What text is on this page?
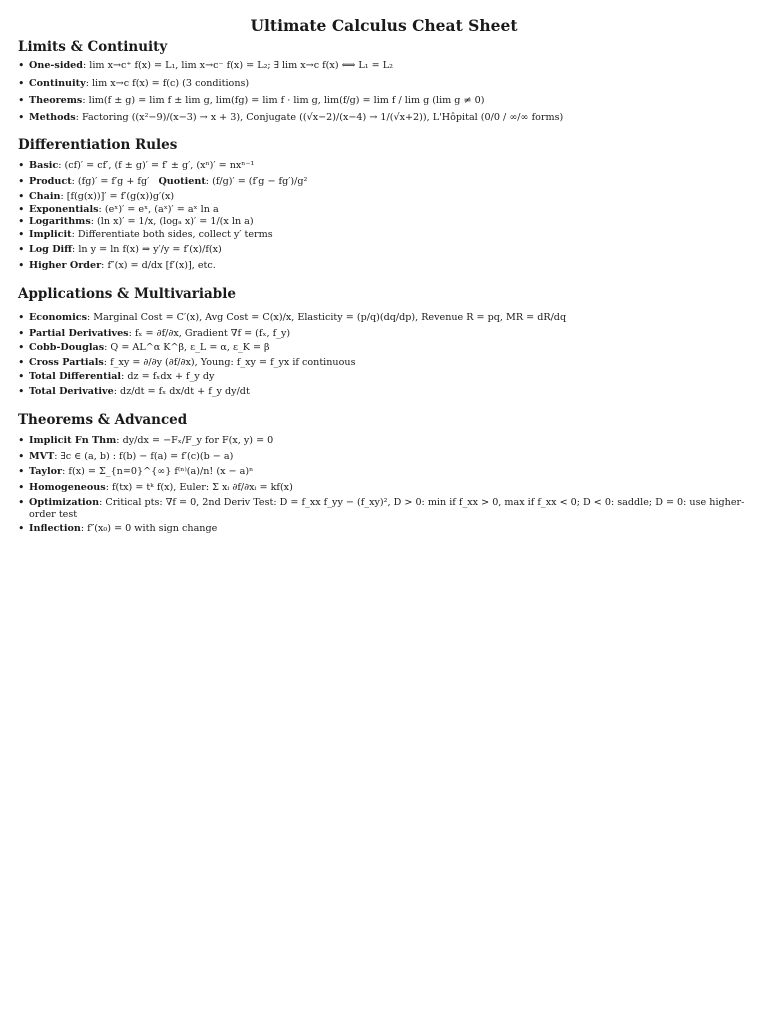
Ultimate Calculus Cheat Sheet
Limits & Continuity
• One-sided: lim x→c⁺ f(x) = L₁, lim x→c⁻ f(x) = L₂; ∃ lim x→c f(x) ⟺ L₁ = L₂
• Continuity: lim x→c f(x) = f(c) (3 conditions)
• Theorems: lim(f ± g) = lim f ± lim g, lim(fg) = lim f · lim g, lim(f/g) = lim f / lim g (lim g ≠ 0)
• Methods: Factoring ((x²−9)/(x−3) → x + 3), Conjugate ((√x−2)/(x−4) → 1/(√x+2)), L'Hôpital (0/0 / ∞/∞ forms)
Differentiation Rules
• Basic: (cf)′ = cf′, (f ± g)′ = f′ ± g′, (xⁿ)′ = nxⁿ⁻¹
• Product: (fg)′ = f′g + fg′ Quotient: (f/g)′ = (f′g − fg′)/g²
• Chain: [f(g(x))]′ = f′(g(x))g′(x)
• Exponentials: (eˣ)′ = eˣ, (aˣ)′ = aˣ ln a
• Logarithms: (ln x)′ = 1/x, (logₐ x)′ = 1/(x ln a)
• Implicit: Differentiate both sides, collect y′ terms
• Log Diff: ln y = ln f(x) ⇒ y′/y = f′(x)/f(x)
• Higher Order: f″(x) = d/dx [f′(x)], etc.
Applications & Multivariable
• Economics: Marginal Cost = C′(x), Avg Cost = C(x)/x, Elasticity = (p/q)(dq/dp), Revenue R = pq, MR = dR/dq
• Partial Derivatives: fₓ = ∂f/∂x, Gradient ∇f = (fₓ, f_y)
• Cobb-Douglas: Q = AL^α K^β, ε_L = α, ε_K = β
• Cross Partials: f_xy = ∂/∂y (∂f/∂x), Young: f_xy = f_yx if continuous
• Total Differential: dz = fₓdx + f_y dy
• Total Derivative: dz/dt = fₓ dx/dt + f_y dy/dt
Theorems & Advanced
• Implicit Fn Thm: dy/dx = −Fₓ/F_y for F(x, y) = 0
• MVT: ∃c ∈ (a, b) : f(b) − f(a) = f′(c)(b − a)
• Taylor: f(x) = Σ_{n=0}^{∞} f⁽ⁿ⁾(a)/n! (x − a)ⁿ
• Homogeneous: f(tx) = tᵏ f(x), Euler: Σ xᵢ ∂f/∂xᵢ = kf(x)
• Optimization: Critical pts: ∇f = 0, 2nd Deriv Test: D = f_xx f_yy − (f_xy)², D > 0: min if f_xx > 0, max if f_xx < 0; D < 0: saddle; D = 0: use higher-order test
• Inflection: f″(x₀) = 0 with sign change
